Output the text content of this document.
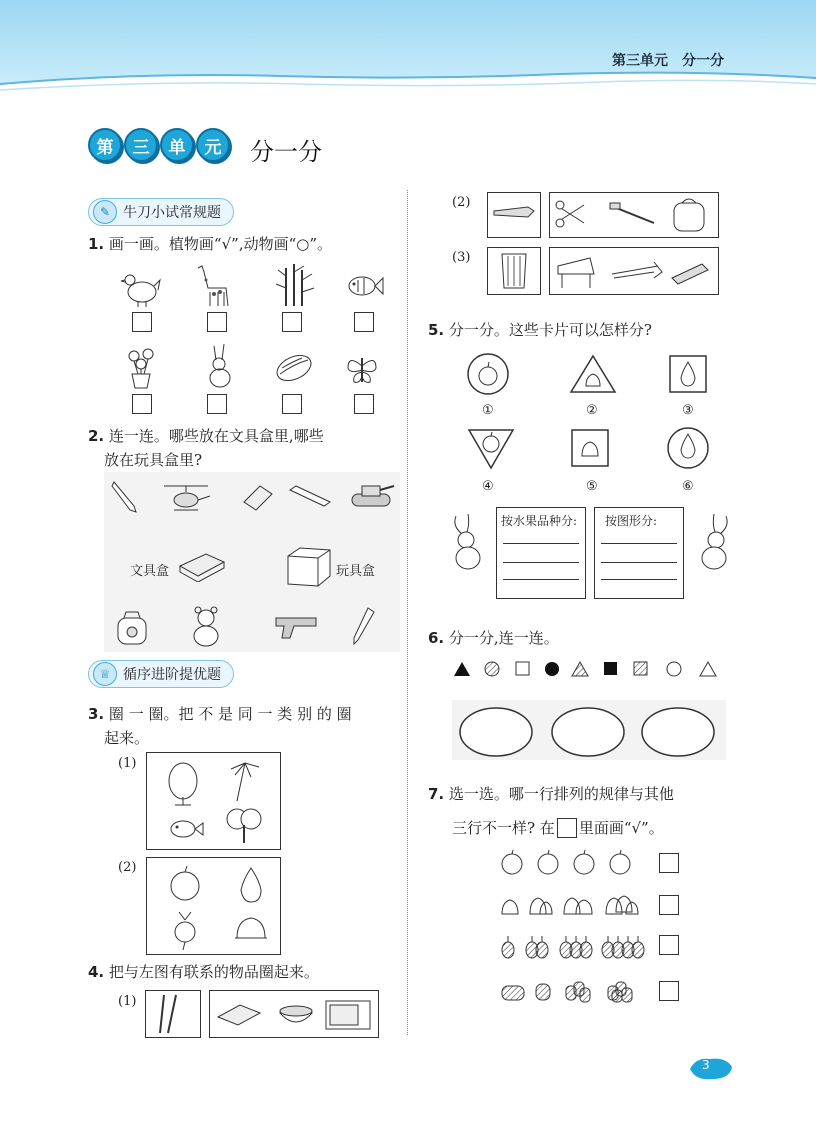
第三单元　分一分
第	三	单	元	分一分
✎ 牛刀小试常规题
1. 画一画。植物画“√”,动物画“○”。
2. 连一连。哪些放在文具盒里,哪些
放在玩具盒里?
文具盒	玩具盒
♕ 循序进阶提优题
3. 圈 一 圈。把 不 是 同 一 类 别 的 圈
起来。
(1)
(2)
4. 把与左图有联系的物品圈起来。
(1)
(2)
(3)
5. 分一分。这些卡片可以怎样分?
①	②	③
④	⑤	⑥
按水果品种分:	按图形分:
6. 分一分,连一连。
7. 选一选。哪一行排列的规律与其他
三行不一样? 在 里面画“√”。
3
